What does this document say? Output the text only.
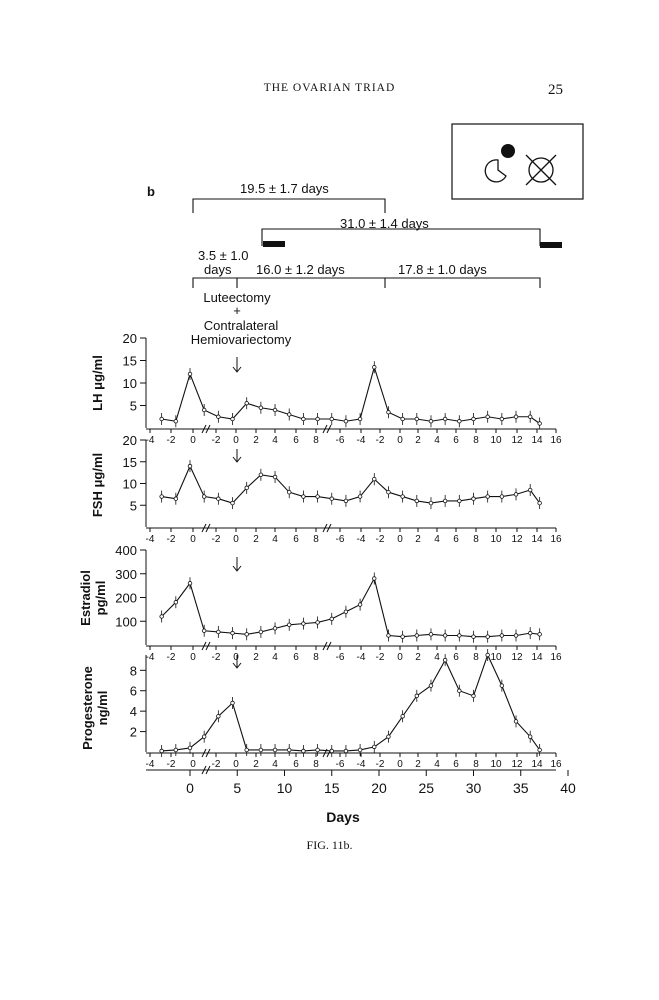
THE OVARIAN TRIAD	25
b	19.5 ± 1.7 days
31.0 ± 1.4 days
3.5 ± 1.0
days 16.0 ± 1.2 days	17.8 ± 1.0 days
Luteectomy
+
Contralateral
Hemiovariectomy
5
10
15
20
LH μg/ml
-4 -2 0 -2 0 2 4 6 8 -6 -4 -2 0 2 4 6 8 10 12 14 16
5
10
15
20
FSH μg/ml
-4 -2 0 -2 0 2 4 6 8 -6 -4 -2 0 2 4 6 8 10 12 14 16
100
200
300
400
Estradiolpg/ml
-4 -2 0 -2 0 2 4 6 8 -6 -4 -2 0 2 4 6 8 10 12 14 16
2
4
6
8
Progesteroneng/ml
-4 -2 0 -2 0 2 4 6 8 -6 -4 -2 0 2 4 6 8 10 12 14 16
0	5	10 15 20 25 30 35 40
Days
FIG. 11b.
